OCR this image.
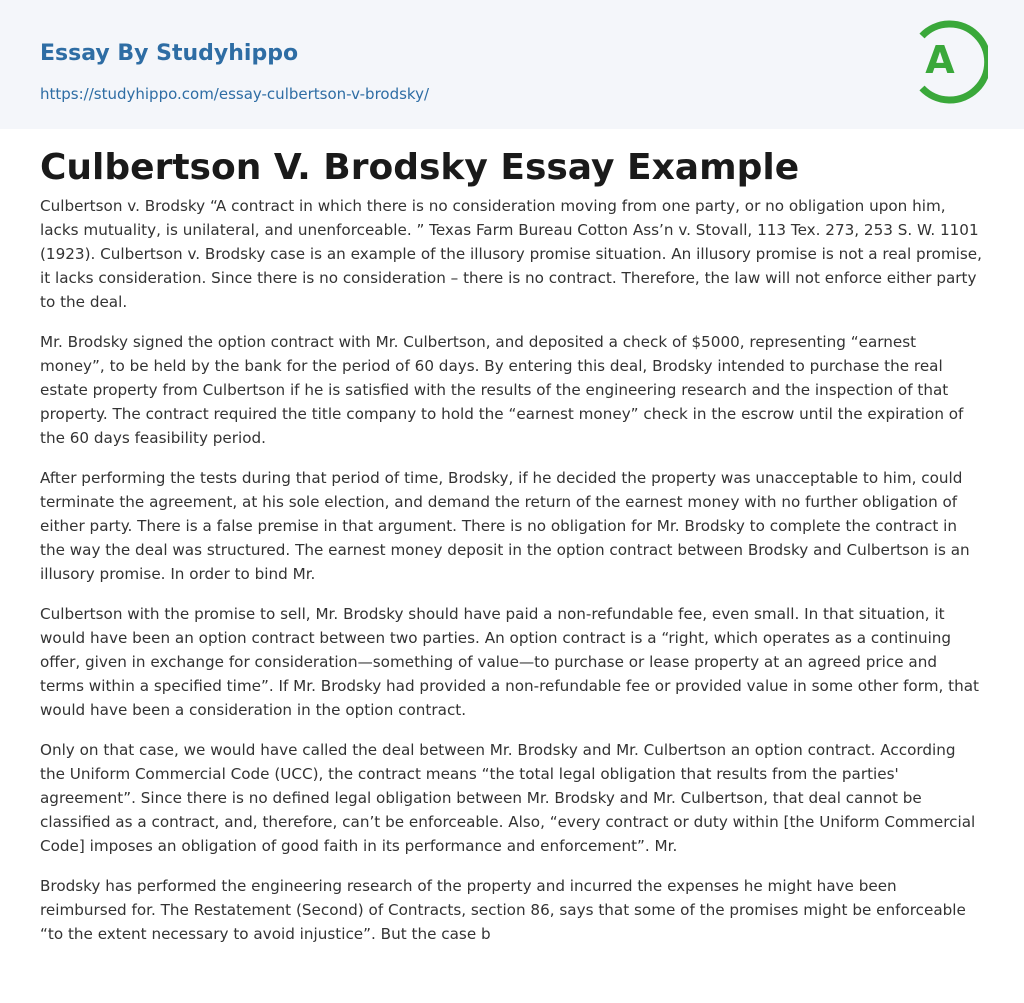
Essay By Studyhippo
https://studyhippo.com/essay-culbertson-v-brodsky/
A
Culbertson V. Brodsky Essay Example

Culbertson v. Brodsky “A contract in which there is no consideration moving from one party, or no obligation upon him, lacks mutuality, is unilateral, and unenforceable. ” Texas Farm Bureau Cotton Ass’n v. Stovall, 113 Tex. 273, 253 S. W. 1101 (1923). Culbertson v. Brodsky case is an example of the illusory promise situation. An illusory promise is not a real promise, it lacks consideration. Since there is no consideration – there is no contract. Therefore, the law will not enforce either party to the deal.

Mr. Brodsky signed the option contract with Mr. Culbertson, and deposited a check of $5000, representing “earnest money”, to be held by the bank for the period of 60 days. By entering this deal, Brodsky intended to purchase the real estate property from Culbertson if he is satisfied with the results of the engineering research and the inspection of that property. The contract required the title company to hold the “earnest money” check in the escrow until the expiration of the 60 days feasibility period.

After performing the tests during that period of time, Brodsky, if he decided the property was unacceptable to him, could terminate the agreement, at his sole election, and demand the return of the earnest money with no further obligation of either party. There is a false premise in that argument. There is no obligation for Mr. Brodsky to complete the contract in the way the deal was structured. The earnest money deposit in the option contract between Brodsky and Culbertson is an illusory promise. In order to bind Mr.

Culbertson with the promise to sell, Mr. Brodsky should have paid a non-refundable fee, even small. In that situation, it would have been an option contract between two parties. An option contract is a “right, which operates as a continuing offer, given in exchange for consideration—something of value—to purchase or lease property at an agreed price and terms within a specified time”. If Mr. Brodsky had provided a non-refundable fee or provided value in some other form, that would have been a consideration in the option contract.

Only on that case, we would have called the deal between Mr. Brodsky and Mr. Culbertson an option contract. According the Uniform Commercial Code (UCC), the contract means “the total legal obligation that results from the parties' agreement”. Since there is no defined legal obligation between Mr. Brodsky and Mr. Culbertson, that deal cannot be classified as a contract, and, therefore, can’t be enforceable. Also, “every contract or duty within [the Uniform Commercial Code] imposes an obligation of good faith in its performance and enforcement”. Mr.

Brodsky has performed the engineering research of the property and incurred the expenses he might have been reimbursed for. The Restatement (Second) of Contracts, section 86, says that some of the promises might be enforceable “to the extent necessary to avoid injustice”. But the case b
